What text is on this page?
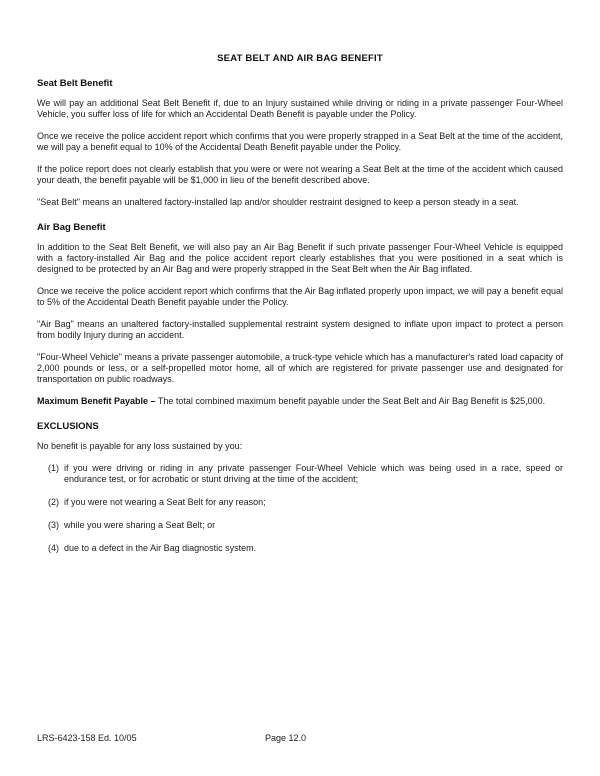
SEAT BELT AND AIR BAG BENEFIT
Seat Belt Benefit

We will pay an additional Seat Belt Benefit if, due to an Injury sustained while driving or riding in a private passenger Four-Wheel Vehicle, you suffer loss of life for which an Accidental Death Benefit is payable under the Policy.

Once we receive the police accident report which confirms that you were properly strapped in a Seat Belt at the time of the accident, we will pay a benefit equal to 10% of the Accidental Death Benefit payable under the Policy.

If the police report does not clearly establish that you were or were not wearing a Seat Belt at the time of the accident which caused your death, the benefit payable will be $1,000 in lieu of the benefit described above.

"Seat Belt" means an unaltered factory-installed lap and/or shoulder restraint designed to keep a person steady in a seat.

Air Bag Benefit

In addition to the Seat Belt Benefit, we will also pay an Air Bag Benefit if such private passenger Four-Wheel Vehicle is equipped with a factory-installed Air Bag and the police accident report clearly establishes that you were positioned in a seat which is designed to be protected by an Air Bag and were properly strapped in the Seat Belt when the Air Bag inflated.

Once we receive the police accident report which confirms that the Air Bag inflated properly upon impact, we will pay a benefit equal to 5% of the Accidental Death Benefit payable under the Policy.

"Air Bag" means an unaltered factory-installed supplemental restraint system designed to inflate upon impact to protect a person from bodily Injury during an accident.

"Four-Wheel Vehicle" means a private passenger automobile, a truck-type vehicle which has a manufacturer's rated load capacity of 2,000 pounds or less, or a self-propelled motor home, all of which are registered for private passenger use and designated for transportation on public roadways.

Maximum Benefit Payable – The total combined maximum benefit payable under the Seat Belt and Air Bag Benefit is $25,000.

EXCLUSIONS

No benefit is payable for any loss sustained by you:

(1) if you were driving or riding in any private passenger Four-Wheel Vehicle which was being used in a race, speed or endurance test, or for acrobatic or stunt driving at the time of the accident;
(2) if you were not wearing a Seat Belt for any reason;
(3) while you were sharing a Seat Belt; or
(4) due to a defect in the Air Bag diagnostic system.
LRS-6423-158 Ed. 10/05	Page 12.0
